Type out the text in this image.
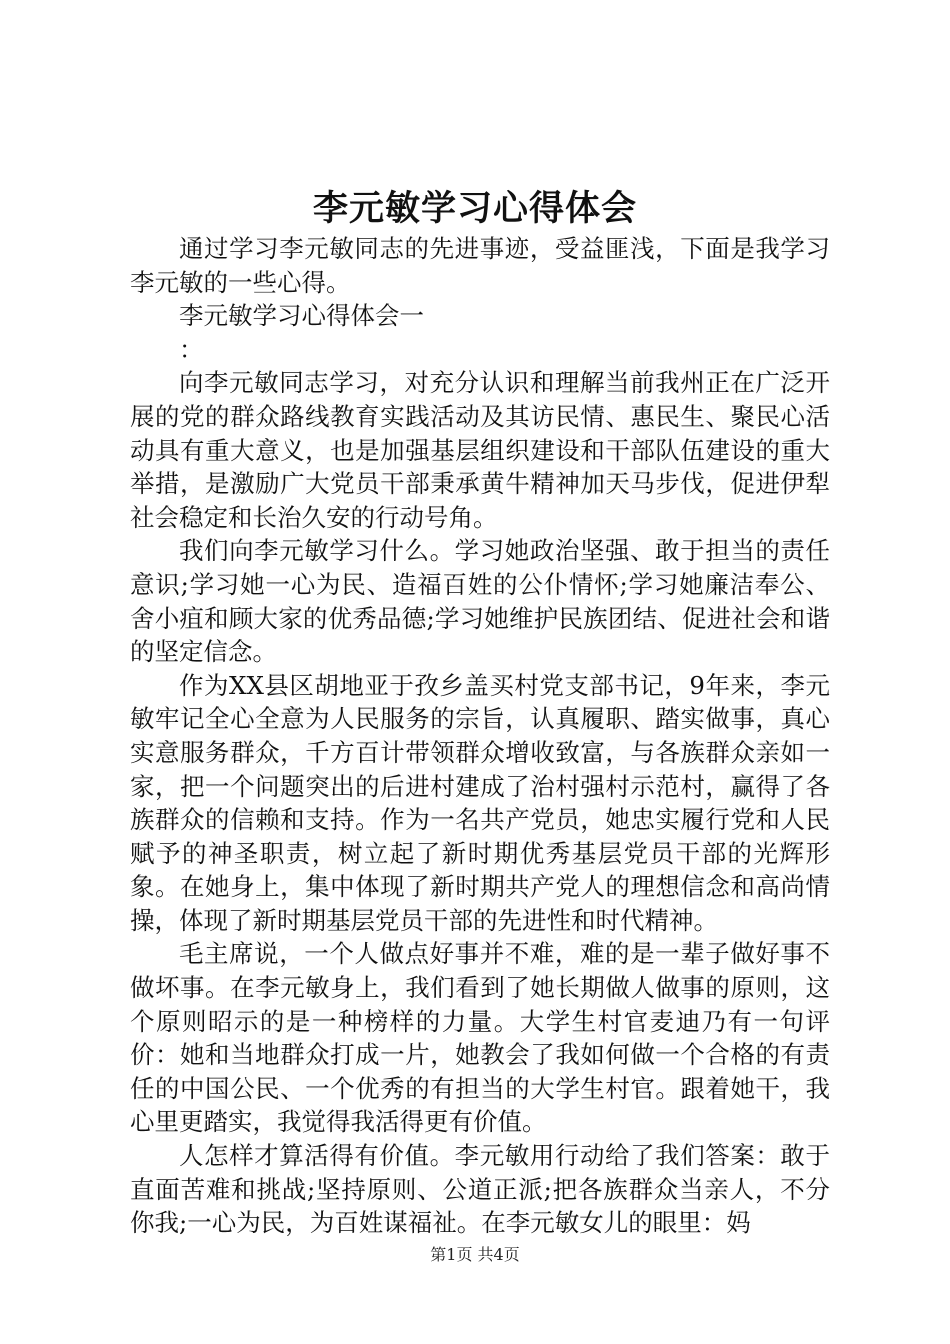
李元敏学习心得体会

通过学习李元敏同志的先进事迹，受益匪浅，下面是我学习李元敏的一些心得。

李元敏学习心得体会一

：

向李元敏同志学习，对充分认识和理解当前我州正在广泛开展的党的群众路线教育实践活动及其访民情、惠民生、聚民心活动具有重大意义，也是加强基层组织建设和干部队伍建设的重大举措，是激励广大党员干部秉承黄牛精神加天马步伐，促进伊犁社会稳定和长治久安的行动号角。

我们向李元敏学习什么。学习她政治坚强、敢于担当的责任意识;学习她一心为民、造福百姓的公仆情怀;学习她廉洁奉公、舍小疽和顾大家的优秀品德;学习她维护民族团结、促进社会和谐的坚定信念。

作为XX县区胡地亚于孜乡盖买村党支部书记，9年来，李元敏牢记全心全意为人民服务的宗旨，认真履职、踏实做事，真心实意服务群众，千方百计带领群众增收致富，与各族群众亲如一家，把一个问题突出的后进村建成了治村强村示范村，赢得了各族群众的信赖和支持。作为一名共产党员，她忠实履行党和人民赋予的神圣职责，树立起了新时期优秀基层党员干部的光辉形象。在她身上，集中体现了新时期共产党人的理想信念和高尚情操，体现了新时期基层党员干部的先进性和时代精神。

毛主席说，一个人做点好事并不难，难的是一辈子做好事不做坏事。在李元敏身上，我们看到了她长期做人做事的原则，这个原则昭示的是一种榜样的力量。大学生村官麦迪乃有一句评价：她和当地群众打成一片，她教会了我如何做一个合格的有责任的中国公民、一个优秀的有担当的大学生村官。跟着她干，我心里更踏实，我觉得我活得更有价值。

人怎样才算活得有价值。李元敏用行动给了我们答案：敢于直面苦难和挑战;坚持原则、公道正派;把各族群众当亲人，不分你我;一心为民，为百姓谋福祉。在李元敏女儿的眼里：妈

第1页 共4页
